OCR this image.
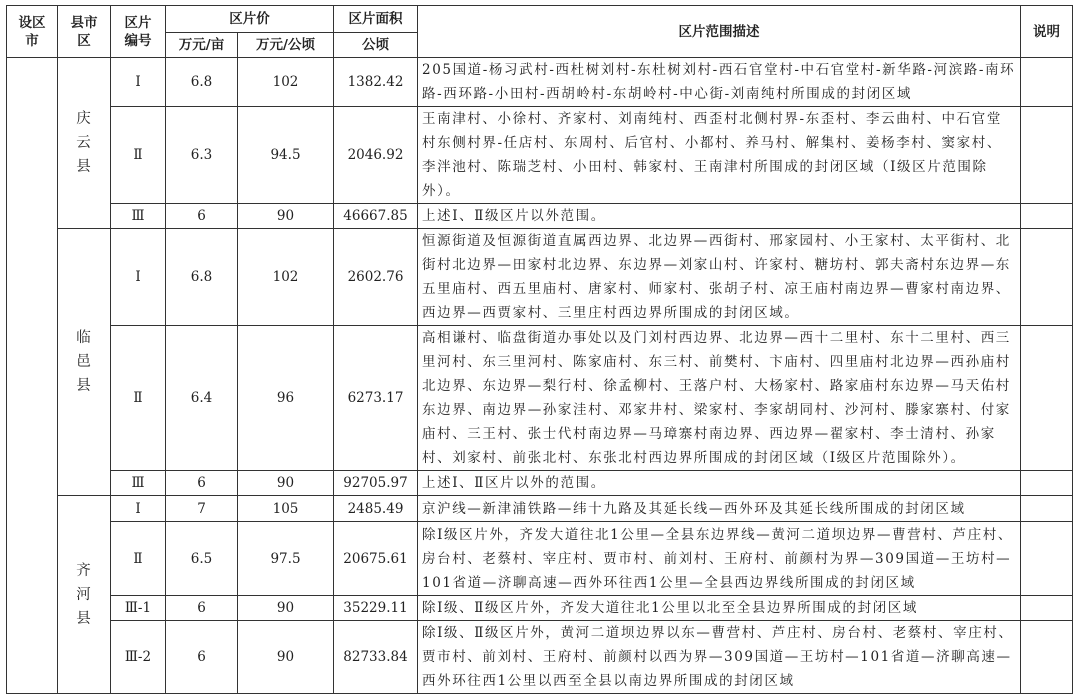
设区市	县市区	区片编号	区片价		区片面积	区片范围描述	说明
			万元/亩	万元/公顷	公顷		
	庆云县	Ⅰ	6.8	102	1382.42	205国道-杨习武村-西杜树刘村-东杜树刘村-西石官堂村-中石官堂村-新华路-河滨路-南环路-西环路-小田村-西胡岭村-东胡岭村-中心街-刘南纯村所围成的封闭区域	
		Ⅱ	6.3	94.5	2046.92	王南津村、小徐村、齐家村、刘南纯村、西歪村北侧村界-东歪村、李云曲村、中石官堂村东侧村界-任店村、东周村、后官村、小都村、养马村、解集村、姜杨李村、窦家村、李泮池村、陈瑞芝村、小田村、韩家村、王南津村所围成的封闭区域（Ⅰ级区片范围除外）。	
		Ⅲ	6	90	46667.85	上述Ⅰ、Ⅱ级区片以外范围。	
	临邑县	Ⅰ	6.8	102	2602.76	恒源街道及恒源街道直属西边界、北边界—西街村、邢家园村、小王家村、太平街村、北街村北边界—田家村北边界、东边界—刘家山村、许家村、糖坊村、郭夫斋村东边界—东五里庙村、西五里庙村、唐家村、师家村、张胡子村、凉王庙村南边界—曹家村南边界、西边界—西贾家村、三里庄村西边界所围成的封闭区域。	
		Ⅱ	6.4	96	6273.17	高相谦村、临盘街道办事处以及门刘村西边界、北边界—西十二里村、东十二里村、西三里河村、东三里河村、陈家庙村、东三村、前樊村、卞庙村、四里庙村北边界—西孙庙村北边界、东边界—梨行村、徐孟柳村、王落户村、大杨家村、路家庙村东边界—马天佑村东边界、南边界—孙家洼村、邓家井村、梁家村、李家胡同村、沙河村、滕家寨村、付家庙村、三王村、张士代村南边界—马璋寨村南边界、西边界—翟家村、李士清村、孙家村、刘家村、前张北村、东张北村西边界所围成的封闭区域（Ⅰ级区片范围除外）。	
		Ⅲ	6	90	92705.97	上述Ⅰ、Ⅱ区片以外的范围。	
	齐河县	Ⅰ	7	105	2485.49	京沪线—新津浦铁路—纬十九路及其延长线—西外环及其延长线所围成的封闭区域	
		Ⅱ	6.5	97.5	20675.61	除Ⅰ级区片外，齐发大道往北1公里—全县东边界线—黄河二道坝边界—曹营村、芦庄村、房台村、老蔡村、宰庄村、贾市村、前刘村、王府村、前颜村为界—309国道—王坊村—101省道—济聊高速—西外环往西1公里—全县西边界线所围成的封闭区域	
		Ⅲ-1	6	90	35229.11	除Ⅰ级、Ⅱ级区片外，齐发大道往北1公里以北至全县边界所围成的封闭区域	
		Ⅲ-2	6	90	82733.84	除Ⅰ级、Ⅱ级区片外，黄河二道坝边界以东—曹营村、芦庄村、房台村、老蔡村、宰庄村、贾市村、前刘村、王府村、前颜村以西为界—309国道—王坊村—101省道—济聊高速—西外环往西1公里以西至全县以南边界所围成的封闭区域	
